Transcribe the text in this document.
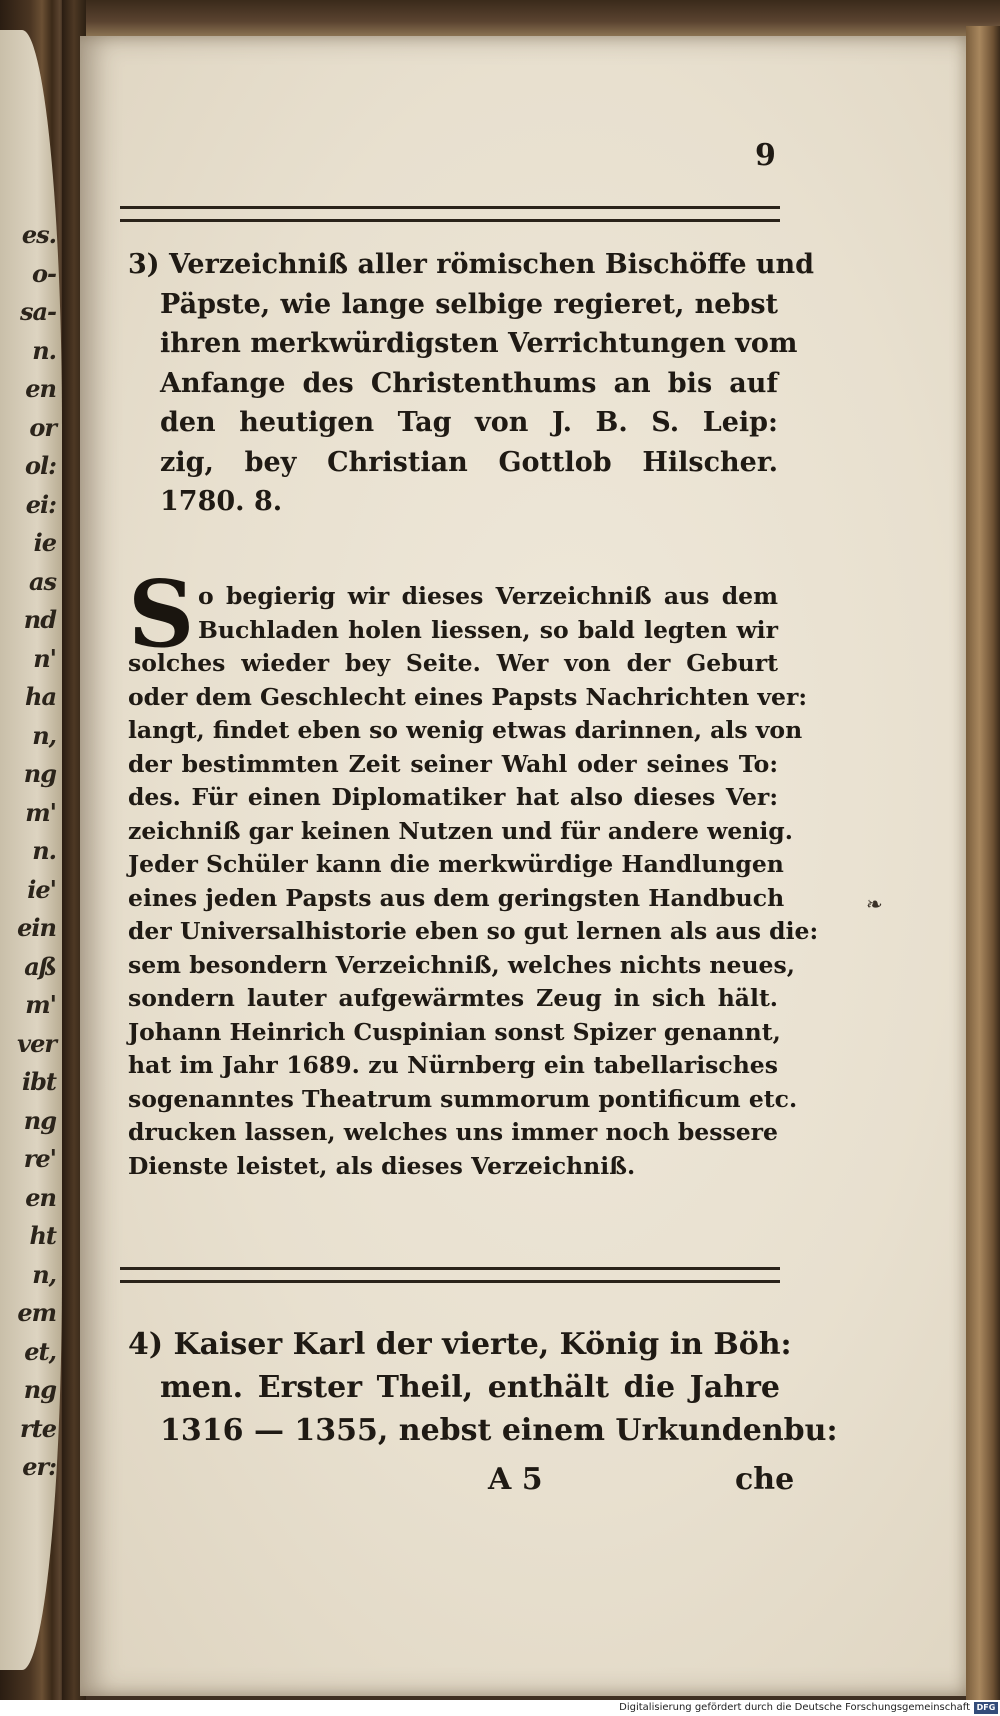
es.
o-
sa-
n.
en
or
ol:
ei:
ie
as
nd
n'
ha
n,
ng
m'
n.
ie'
ein
aß
m'
ver
ibt
ng
re'
en
ht
n,
em
et,
ng
rte
er:
9
3) Verzeichniß aller römischen Bischöffe und
Päpste, wie lange selbige regieret, nebst
ihren merkwürdigsten Verrichtungen vom
Anfange des Christenthums an bis auf
den heutigen Tag von J. B. S. Leip:
zig, bey Christian Gottlob Hilscher.
1780. 8.
S o begierig wir dieses Verzeichniß aus dem
Buchladen holen liessen, so bald legten wir
solches wieder bey Seite. Wer von der Geburt
oder dem Geschlecht eines Papsts Nachrichten ver:
langt, findet eben so wenig etwas darinnen, als von
der bestimmten Zeit seiner Wahl oder seines To:
des. Für einen Diplomatiker hat also dieses Ver:
zeichniß gar keinen Nutzen und für andere wenig.
Jeder Schüler kann die merkwürdige Handlungen
eines jeden Papsts aus dem geringsten Handbuch
der Universalhistorie eben so gut lernen als aus die:
sem besondern Verzeichniß, welches nichts neues,
sondern lauter aufgewärmtes Zeug in sich hält.
Johann Heinrich Cuspinian sonst Spizer genannt,
hat im Jahr 1689. zu Nürnberg ein tabellarisches
sogenanntes Theatrum summorum pontificum etc.
drucken lassen, welches uns immer noch bessere
Dienste leistet, als dieses Verzeichniß.
❧
4) Kaiser Karl der vierte, König in Böh:
men. Erster Theil, enthält die Jahre
1316 — 1355, nebst einem Urkundenbu:
A 5	che
Digitalisierung gefördert durch die Deutsche Forschungsgemeinschaft DFG
